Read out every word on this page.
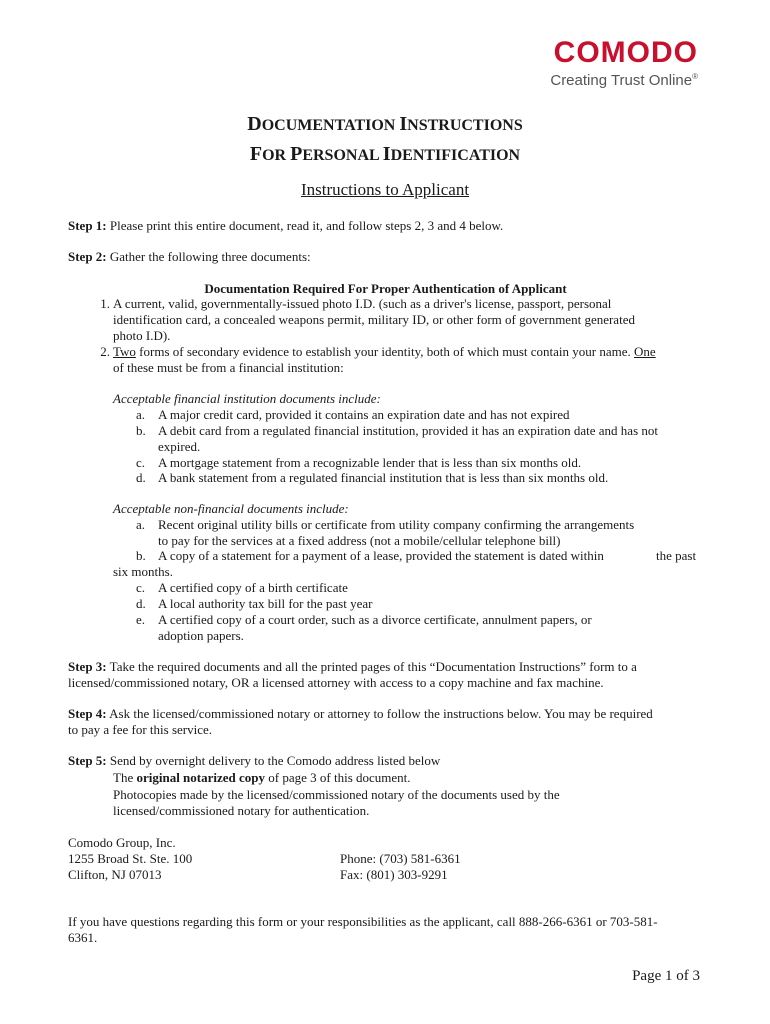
COMODO
Creating Trust Online®
DOCUMENTATION INSTRUCTIONS
FOR PERSONAL IDENTIFICATION
Instructions to Applicant
Step 1: Please print this entire document, read it, and follow steps 2, 3 and 4 below.
Step 2: Gather the following three documents:
Documentation Required For Proper Authentication of Applicant
1. A current, valid, governmentally-issued photo I.D. (such as a driver's license, passport, personal
identification card, a concealed weapons permit, military ID, or other form of government generated
photo I.D).
2. Two forms of secondary evidence to establish your identity, both of which must contain your name. One
of these must be from a financial institution:
Acceptable financial institution documents include:
a. A major credit card, provided it contains an expiration date and has not expired
b. A debit card from a regulated financial institution, provided it has an expiration date and has not
expired.
c. A mortgage statement from a recognizable lender that is less than six months old.
d. A bank statement from a regulated financial institution that is less than six months old.
Acceptable non-financial documents include:
a. Recent original utility bills or certificate from utility company confirming the arrangements
to pay for the services at a fixed address (not a mobile/cellular telephone bill)
b. A copy of a statement for a payment of a lease, provided the statement is dated within	the past
six months.
c. A certified copy of a birth certificate
d. A local authority tax bill for the past year
e. A certified copy of a court order, such as a divorce certificate, annulment papers, or
adoption papers.
Step 3: Take the required documents and all the printed pages of this “Documentation Instructions” form to a
licensed/commissioned notary, OR a licensed attorney with access to a copy machine and fax machine.
Step 4: Ask the licensed/commissioned notary or attorney to follow the instructions below. You may be required
to pay a fee for this service.
Step 5: Send by overnight delivery to the Comodo address listed below
The original notarized copy of page 3 of this document.
Photocopies made by the licensed/commissioned notary of the documents used by the
licensed/commissioned notary for authentication.
Comodo Group, Inc.
1255 Broad St. Ste. 100
Clifton, NJ 07013
Phone: (703) 581-6361
Fax: (801) 303-9291
If you have questions regarding this form or your responsibilities as the applicant, call 888-266-6361 or 703-581-
6361.
Page 1 of 3
